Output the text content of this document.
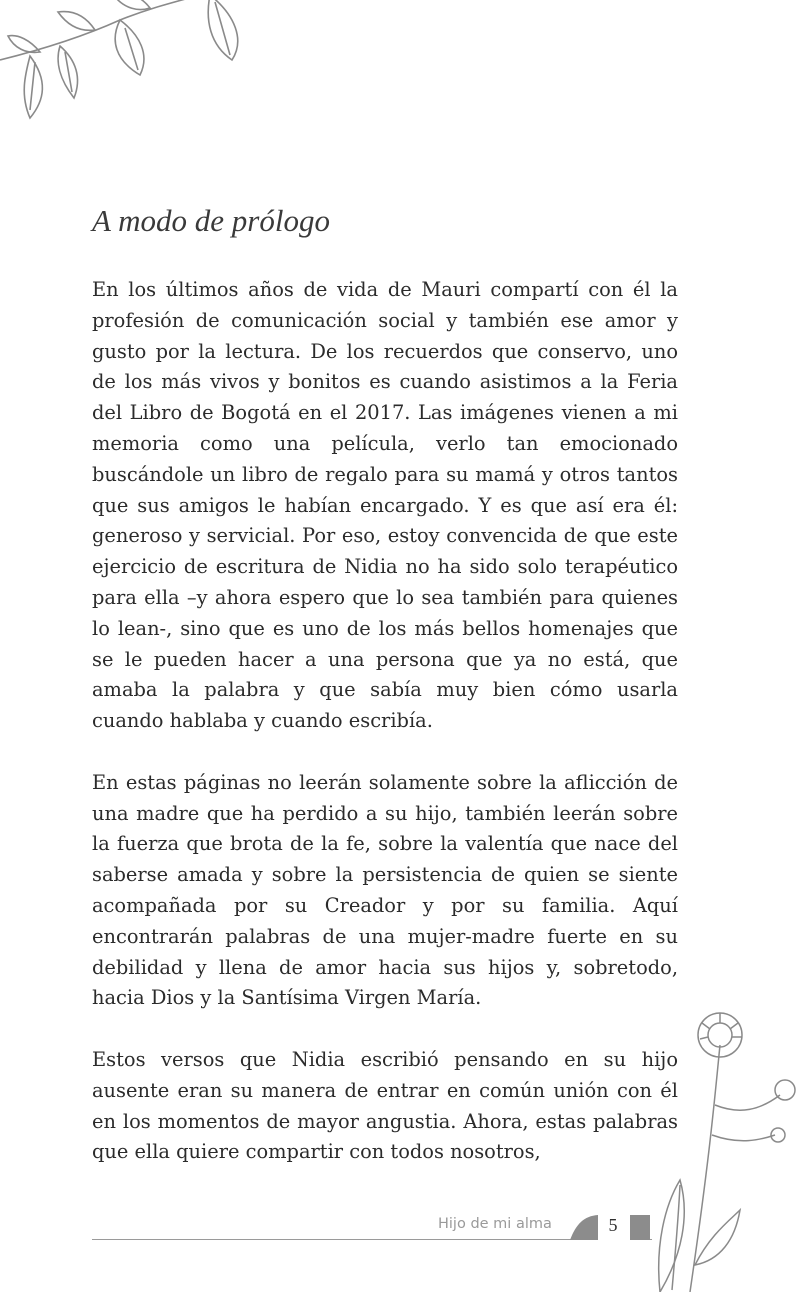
A modo de prólogo

En los últimos años de vida de Mauri compartí con él la profesión de comunicación social y también ese amor y gusto por la lectura. De los recuerdos que conservo, uno de los más vivos y bonitos es cuando asistimos a la Feria del Libro de Bogotá en el 2017. Las imágenes vienen a mi memoria como una película, verlo tan emocionado buscándole un libro de regalo para su mamá y otros tantos que sus amigos le habían encargado. Y es que así era él: generoso y servicial. Por eso, estoy convencida de que este ejercicio de escritura de Nidia no ha sido solo terapéutico para ella –y ahora espero que lo sea también para quienes lo lean-, sino que es uno de los más bellos homenajes que se le pueden hacer a una persona que ya no está, que amaba la palabra y que sabía muy bien cómo usarla cuando hablaba y cuando escribía.

En estas páginas no leerán solamente sobre la aflicción de una madre que ha perdido a su hijo, también leerán sobre la fuerza que brota de la fe, sobre la valentía que nace del saberse amada y sobre la persistencia de quien se siente acompañada por su Creador y por su familia. Aquí encontrarán palabras de una mujer-madre fuerte en su debilidad y llena de amor hacia sus hijos y, sobretodo, hacia Dios y la Santísima Virgen María.

Estos versos que Nidia escribió pensando en su hijo ausente eran su manera de entrar en común unión con él en los momentos de mayor angustia. Ahora, estas palabras que ella quiere compartir con todos nosotros,

Hijo de mi alma	5
